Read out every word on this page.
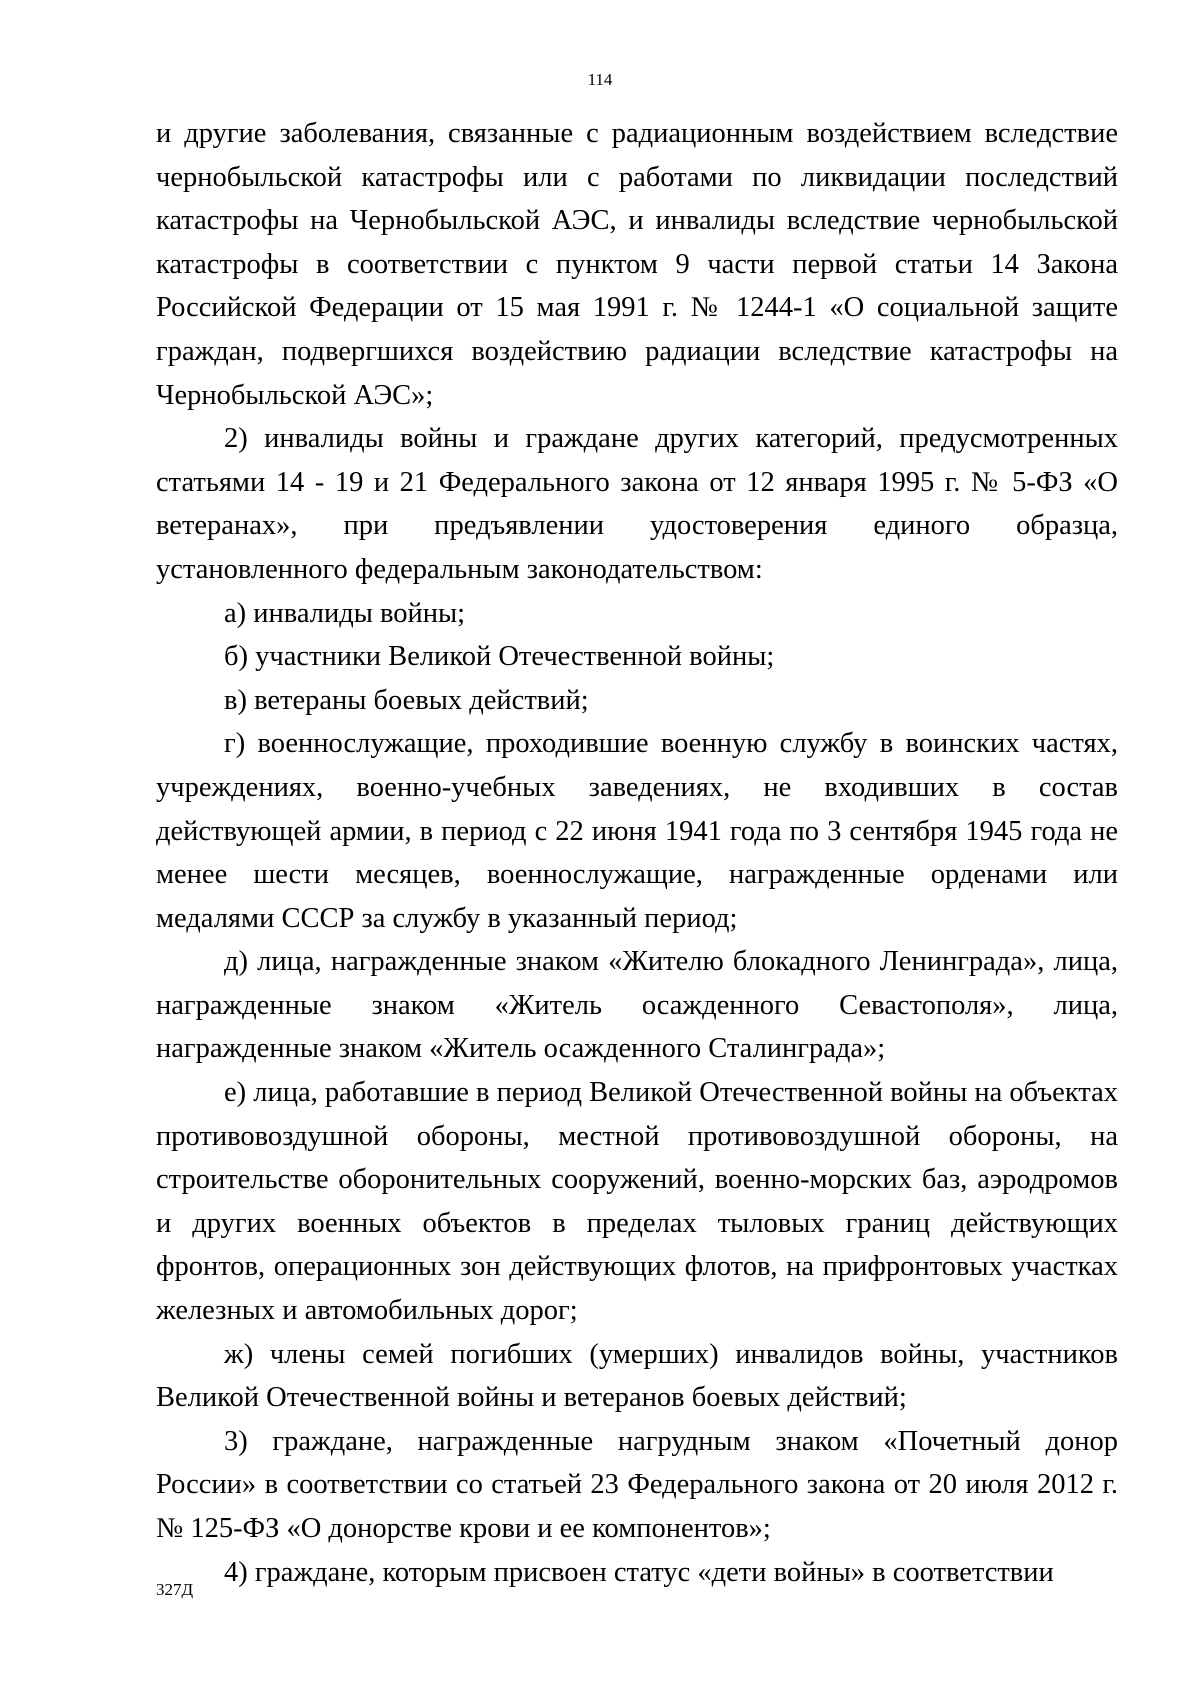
114

и другие заболевания, связанные с радиационным воздействием вследствие чернобыльской катастрофы или с работами по ликвидации последствий катастрофы на Чернобыльской АЭС, и инвалиды вследствие чернобыльской катастрофы в соответствии с пунктом 9 части первой статьи 14 Закона Российской Федерации от 15 мая 1991 г. № 1244-1 «О социальной защите граждан, подвергшихся воздействию радиации вследствие катастрофы на Чернобыльской АЭС»;

2) инвалиды войны и граждане других категорий, предусмотренных статьями 14 - 19 и 21 Федерального закона от 12 января 1995 г. № 5-ФЗ «О ветеранах», при предъявлении удостоверения единого образца, установленного федеральным законодательством:

а) инвалиды войны;

б) участники Великой Отечественной войны;

в) ветераны боевых действий;

г) военнослужащие, проходившие военную службу в воинских частях, учреждениях, военно-учебных заведениях, не входивших в состав действующей армии, в период с 22 июня 1941 года по 3 сентября 1945 года не менее шести месяцев, военнослужащие, награжденные орденами или медалями СССР за службу в указанный период;

д) лица, награжденные знаком «Жителю блокадного Ленинграда», лица, награжденные знаком «Житель осажденного Севастополя», лица, награжденные знаком «Житель осажденного Сталинграда»;

е) лица, работавшие в период Великой Отечественной войны на объектах противовоздушной обороны, местной противовоздушной обороны, на строительстве оборонительных сооружений, военно-морских баз, аэродромов и других военных объектов в пределах тыловых границ действующих фронтов, операционных зон действующих флотов, на прифронтовых участках железных и автомобильных дорог;

ж) члены семей погибших (умерших) инвалидов войны, участников Великой Отечественной войны и ветеранов боевых действий;

3) граждане, награжденные нагрудным знаком «Почетный донор России» в соответствии со статьей 23 Федерального закона от 20 июля 2012 г. № 125-ФЗ «О донорстве крови и ее компонентов»;

4) граждане, которым присвоен статус «дети войны» в соответствии

327Д
